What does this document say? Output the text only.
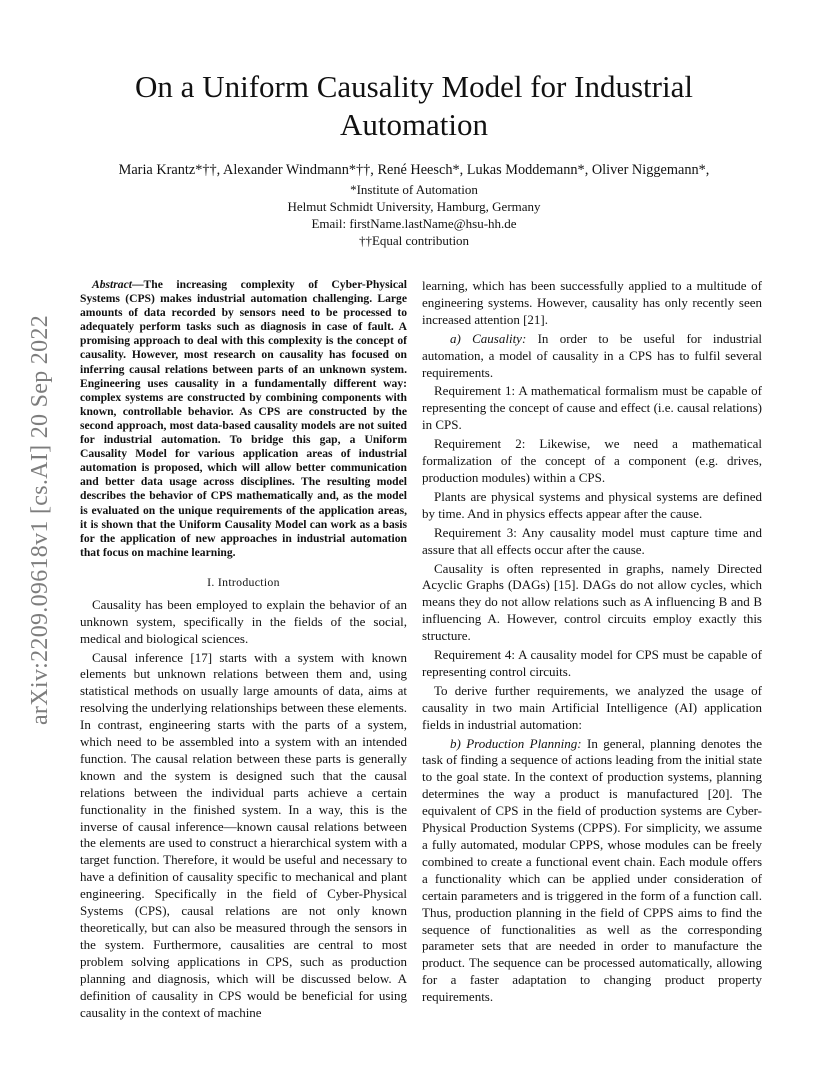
arXiv:2209.09618v1 [cs.AI] 20 Sep 2022
On a Uniform Causality Model for Industrial Automation
Maria Krantz*††, Alexander Windmann*††, René Heesch*, Lukas Moddemann*, Oliver Niggemann*,
*Institute of Automation
Helmut Schmidt University, Hamburg, Germany
Email: firstName.lastName@hsu-hh.de
††Equal contribution

Abstract—The increasing complexity of Cyber-Physical Systems (CPS) makes industrial automation challenging. Large amounts of data recorded by sensors need to be processed to adequately perform tasks such as diagnosis in case of fault. A promising approach to deal with this complexity is the concept of causality. However, most research on causality has focused on inferring causal relations between parts of an unknown system. Engineering uses causality in a fundamentally different way: complex systems are constructed by combining components with known, controllable behavior. As CPS are constructed by the second approach, most data-based causality models are not suited for industrial automation. To bridge this gap, a Uniform Causality Model for various application areas of industrial automation is proposed, which will allow better communication and better data usage across disciplines. The resulting model describes the behavior of CPS mathematically and, as the model is evaluated on the unique requirements of the application areas, it is shown that the Uniform Causality Model can work as a basis for the application of new approaches in industrial automation that focus on machine learning.

I. Introduction

Causality has been employed to explain the behavior of an unknown system, specifically in the fields of the social, medical and biological sciences.

Causal inference [17] starts with a system with known elements but unknown relations between them and, using statistical methods on usually large amounts of data, aims at resolving the underlying relationships between these elements. In contrast, engineering starts with the parts of a system, which need to be assembled into a system with an intended function. The causal relation between these parts is generally known and the system is designed such that the causal relations between the individual parts achieve a certain functionality in the finished system. In a way, this is the inverse of causal inference—known causal relations between the elements are used to construct a hierarchical system with a target function. Therefore, it would be useful and necessary to have a definition of causality specific to mechanical and plant engineering. Specifically in the field of Cyber-Physical Systems (CPS), causal relations are not only known theoretically, but can also be measured through the sensors in the system. Furthermore, causalities are central to most problem solving applications in CPS, such as production planning and diagnosis, which will be discussed below. A definition of causality in CPS would be beneficial for using causality in the context of machine

learning, which has been successfully applied to a multitude of engineering systems. However, causality has only recently seen increased attention [21].

a) Causality: In order to be useful for industrial automation, a model of causality in a CPS has to fulfil several requirements.

Requirement 1: A mathematical formalism must be capable of representing the concept of cause and effect (i.e. causal relations) in CPS.

Requirement 2: Likewise, we need a mathematical formalization of the concept of a component (e.g. drives, production modules) within a CPS.

Plants are physical systems and physical systems are defined by time. And in physics effects appear after the cause.

Requirement 3: Any causality model must capture time and assure that all effects occur after the cause.

Causality is often represented in graphs, namely Directed Acyclic Graphs (DAGs) [15]. DAGs do not allow cycles, which means they do not allow relations such as A influencing B and B influencing A. However, control circuits employ exactly this structure.

Requirement 4: A causality model for CPS must be capable of representing control circuits.

To derive further requirements, we analyzed the usage of causality in two main Artificial Intelligence (AI) application fields in industrial automation:

b) Production Planning: In general, planning denotes the task of finding a sequence of actions leading from the initial state to the goal state. In the context of production systems, planning determines the way a product is manufactured [20]. The equivalent of CPS in the field of production systems are Cyber-Physical Production Systems (CPPS). For simplicity, we assume a fully automated, modular CPPS, whose modules can be freely combined to create a functional event chain. Each module offers a functionality which can be applied under consideration of certain parameters and is triggered in the form of a function call. Thus, production planning in the field of CPPS aims to find the sequence of functionalities as well as the corresponding parameter sets that are needed in order to manufacture the product. The sequence can be processed automatically, allowing for a faster adaptation to changing product property requirements.
